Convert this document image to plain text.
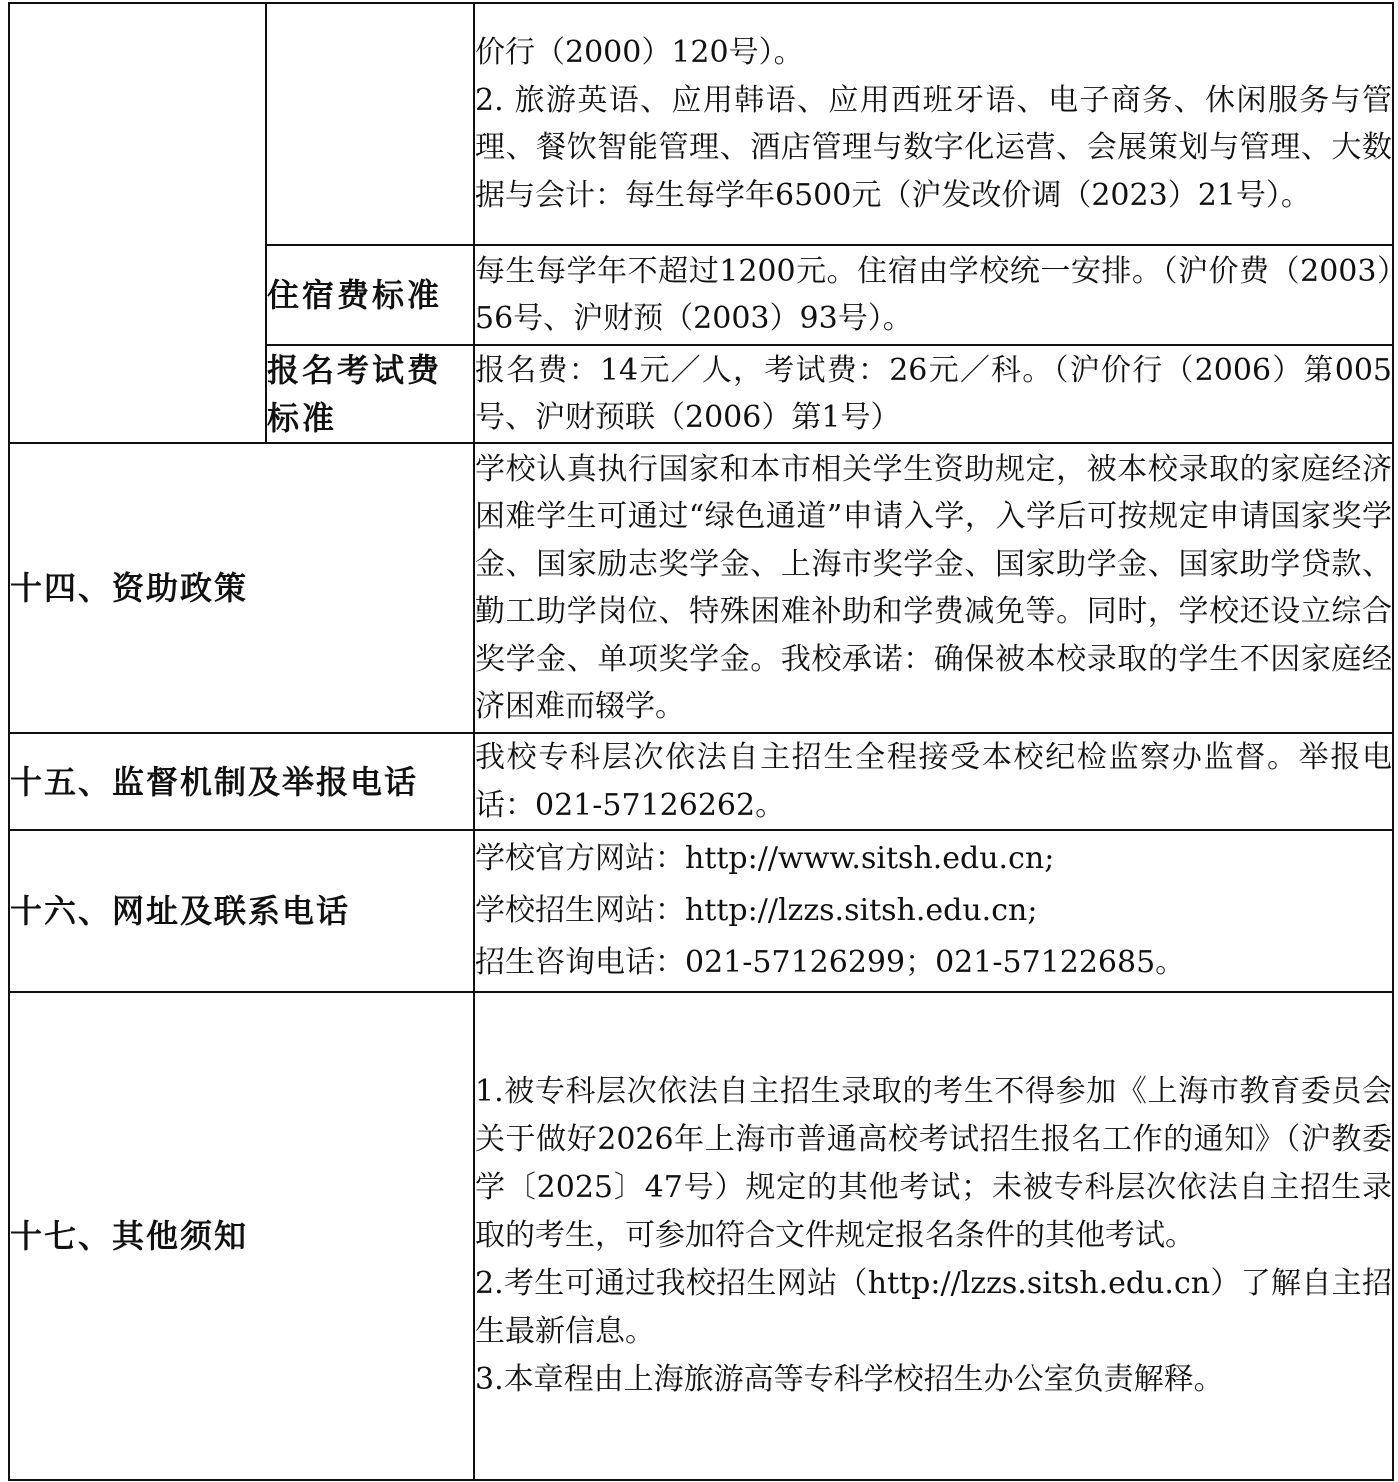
		价行（2000）120号）。
2. 旅游英语、应用韩语、应用西班牙语、电子商务、休闲服务与管理、餐饮智能管理、酒店管理与数字化运营、会展策划与管理、大数据与会计：每生每学年6500元（沪发改价调（2023）21号）。

	住宿费标准	每生每学年不超过1200元。住宿由学校统一安排。（沪价费（2003）56号、沪财预（2003）93号）。
	报名考试费标准	报名费：14元／人，考试费：26元／科。（沪价行（2006）第005号、沪财预联（2006）第1号）
十四、资助政策		学校认真执行国家和本市相关学生资助规定，被本校录取的家庭经济困难学生可通过“绿色通道”申请入学，入学后可按规定申请国家奖学金、国家励志奖学金、上海市奖学金、国家助学金、国家助学贷款、勤工助学岗位、特殊困难补助和学费减免等。同时，学校还设立综合奖学金、单项奖学金。我校承诺：确保被本校录取的学生不因家庭经济困难而辍学。
十五、监督机制及举报电话		我校专科层次依法自主招生全程接受本校纪检监察办监督。举报电话：021-57126262。
十六、网址及联系电话		学校官方网站：http://www.sitsh.edu.cn;
学校招生网站：http://lzzs.sitsh.edu.cn;
招生咨询电话：021-57126299；021-57122685。

十七、其他须知		1.被专科层次依法自主招生录取的考生不得参加《上海市教育委员会关于做好2026年上海市普通高校考试招生报名工作的通知》（沪教委学〔2025〕47号）规定的其他考试；未被专科层次依法自主招生录取的考生，可参加符合文件规定报名条件的其他考试。
2.考生可通过我校招生网站（http://lzzs.sitsh.edu.cn）了解自主招生最新信息。
3.本章程由上海旅游高等专科学校招生办公室负责解释。
